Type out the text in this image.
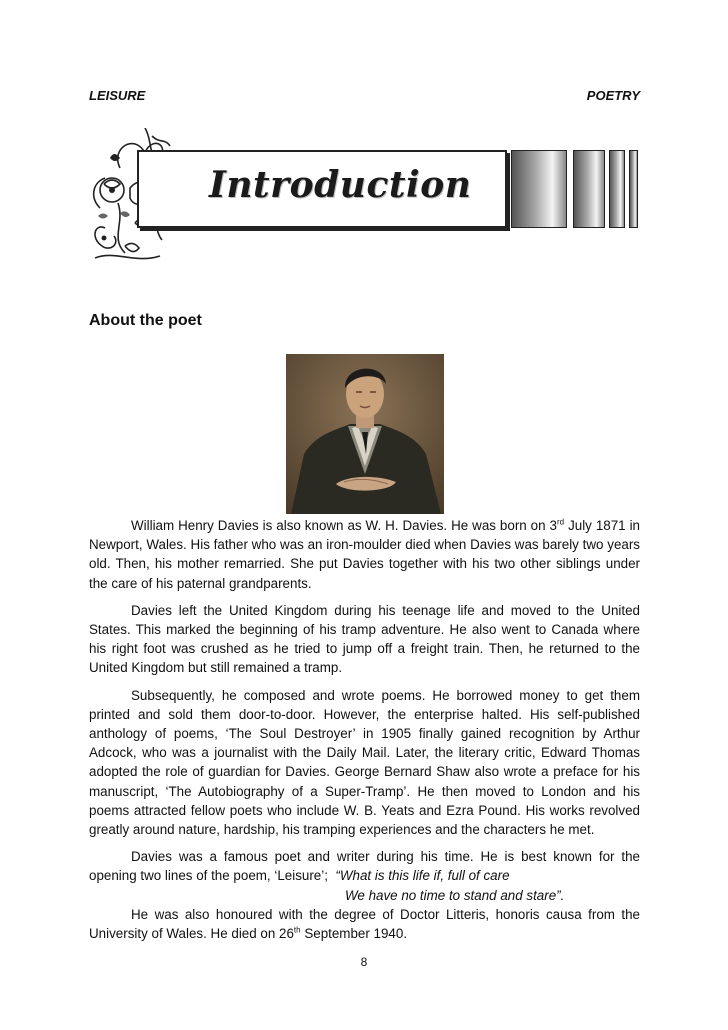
LEISURE	POETRY
Introduction
About the poet

William Henry Davies is also known as W. H. Davies. He was born on 3rd July 1871 in Newport, Wales. His father who was an iron-moulder died when Davies was barely two years old. Then, his mother remarried. She put Davies together with his two other siblings under the care of his paternal grandparents.

Davies left the United Kingdom during his teenage life and moved to the United States. This marked the beginning of his tramp adventure. He also went to Canada where his right foot was crushed as he tried to jump off a freight train. Then, he returned to the United Kingdom but still remained a tramp.

Subsequently, he composed and wrote poems. He borrowed money to get them printed and sold them door-to-door. However, the enterprise halted. His self-published anthology of poems, ‘The Soul Destroyer’ in 1905 finally gained recognition by Arthur Adcock, who was a journalist with the Daily Mail. Later, the literary critic, Edward Thomas adopted the role of guardian for Davies. George Bernard Shaw also wrote a preface for his manuscript, ‘The Autobiography of a Super-Tramp’. He then moved to London and his poems attracted fellow poets who include W. B. Yeats and Ezra Pound. His works revolved greatly around nature, hardship, his tramping experiences and the characters he met.

Davies was a famous poet and writer during his time. He is best known for the opening two lines of the poem, ‘Leisure’; “What is this life if, full of care
We have no time to stand and stare”.

He was also honoured with the degree of Doctor Litteris, honoris causa from the University of Wales. He died on 26th September 1940.

8
